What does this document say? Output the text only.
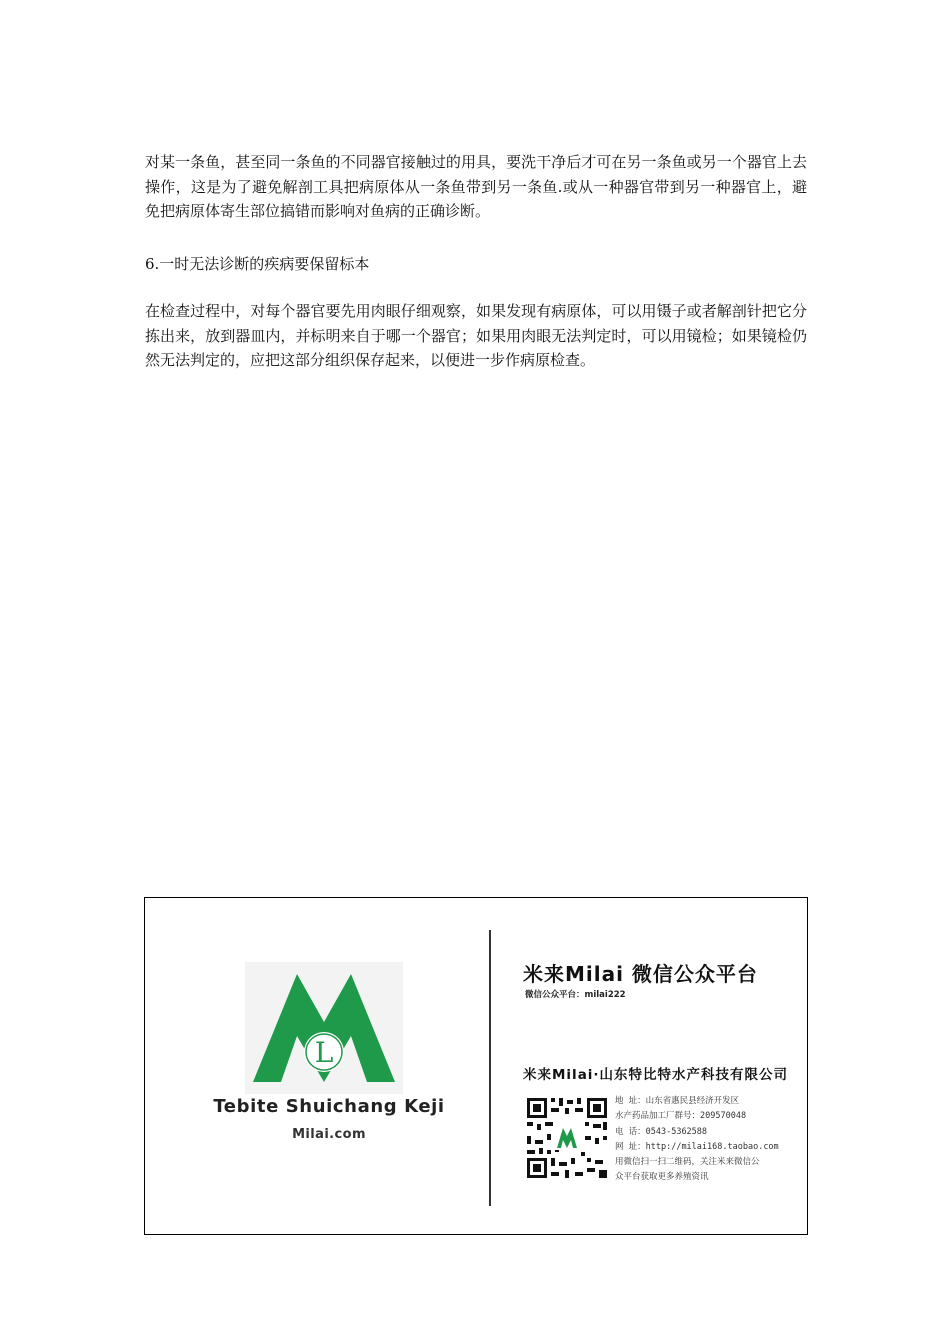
对某一条鱼，甚至同一条鱼的不同器官接触过的用具，要洗干净后才可在另一条鱼或另一个器官上去操作，这是为了避免解剖工具把病原体从一条鱼带到另一条鱼.或从一种器官带到另一种器官上，避免把病原体寄生部位搞错而影响对鱼病的正确诊断。

6.一时无法诊断的疾病要保留标本

在检查过程中，对每个器官要先用肉眼仔细观察，如果发现有病原体，可以用镊子或者解剖针把它分拣出来，放到器皿内，并标明来自于哪一个器官；如果用肉眼无法判定时，可以用镜检；如果镜检仍然无法判定的，应把这部分组织保存起来，以便进一步作病原检查。

L
Tebite Shuichang Keji
Milai.com
米来Milai 微信公众平台
微信公众平台：milai222
米来Milai·山东特比特水产科技有限公司
地 址：山东省惠民县经济开发区
水产药品加工厂群号：209570048
电 话：0543-5362588
网 址：http://milai168.taobao.com
用微信扫一扫二维码，关注米来微信公
众平台获取更多养殖资讯
